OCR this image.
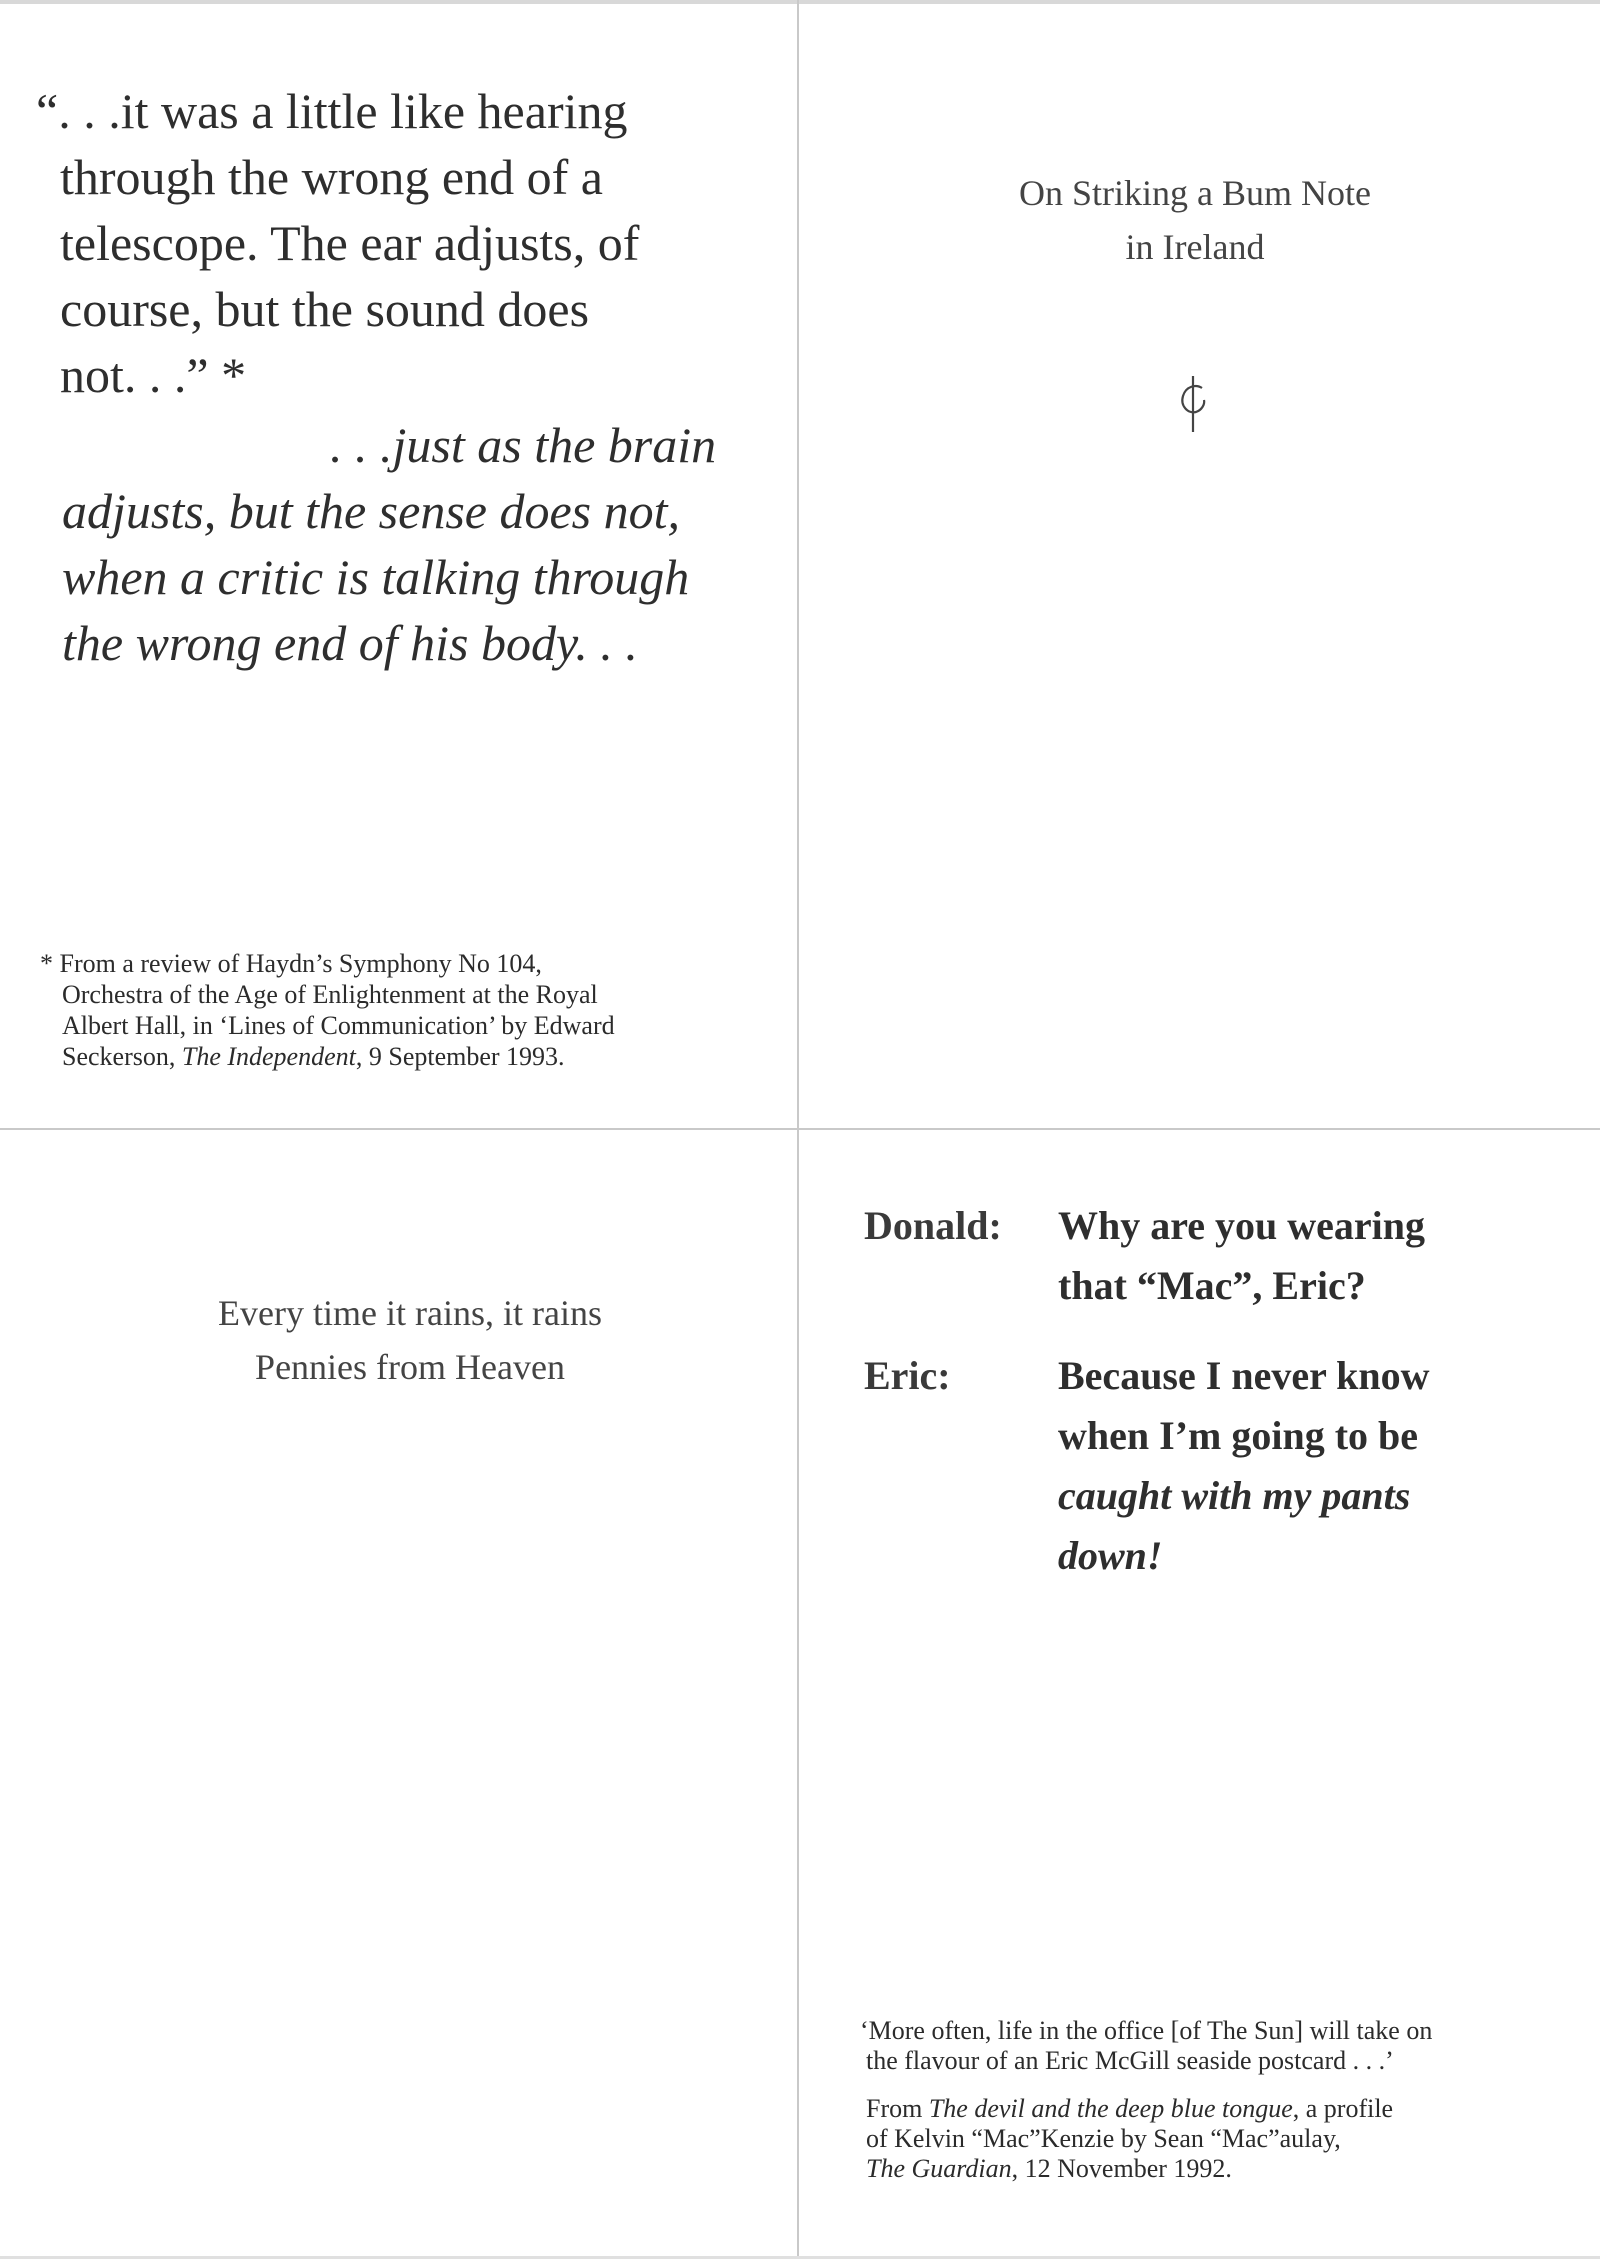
“. . .it was a little like hearing
through the wrong end of a
telescope. The ear adjusts, of
course, but the sound does
not. . .” *
. . .just as the brain
adjusts, but the sense does not,
when a critic is talking through
the wrong end of his body. . .
* From a review of Haydn’s Symphony No 104,
Orchestra of the Age of Enlightenment at the Royal
Albert Hall, in ‘Lines of Communication’ by Edward
Seckerson, The Independent, 9 September 1993.
On Striking a Bum Note
in Ireland
Every time it rains, it rains
Pennies from Heaven
Donald: Why are you wearing
that “Mac”, Eric?
Eric:	Because I never know
when I’m going to be
caught with my pants
down!
‘More often, life in the office [of The Sun] will take on
the flavour of an Eric McGill seaside postcard . . .’
From The devil and the deep blue tongue, a profile
of Kelvin “Mac”Kenzie by Sean “Mac”aulay,
The Guardian, 12 November 1992.
